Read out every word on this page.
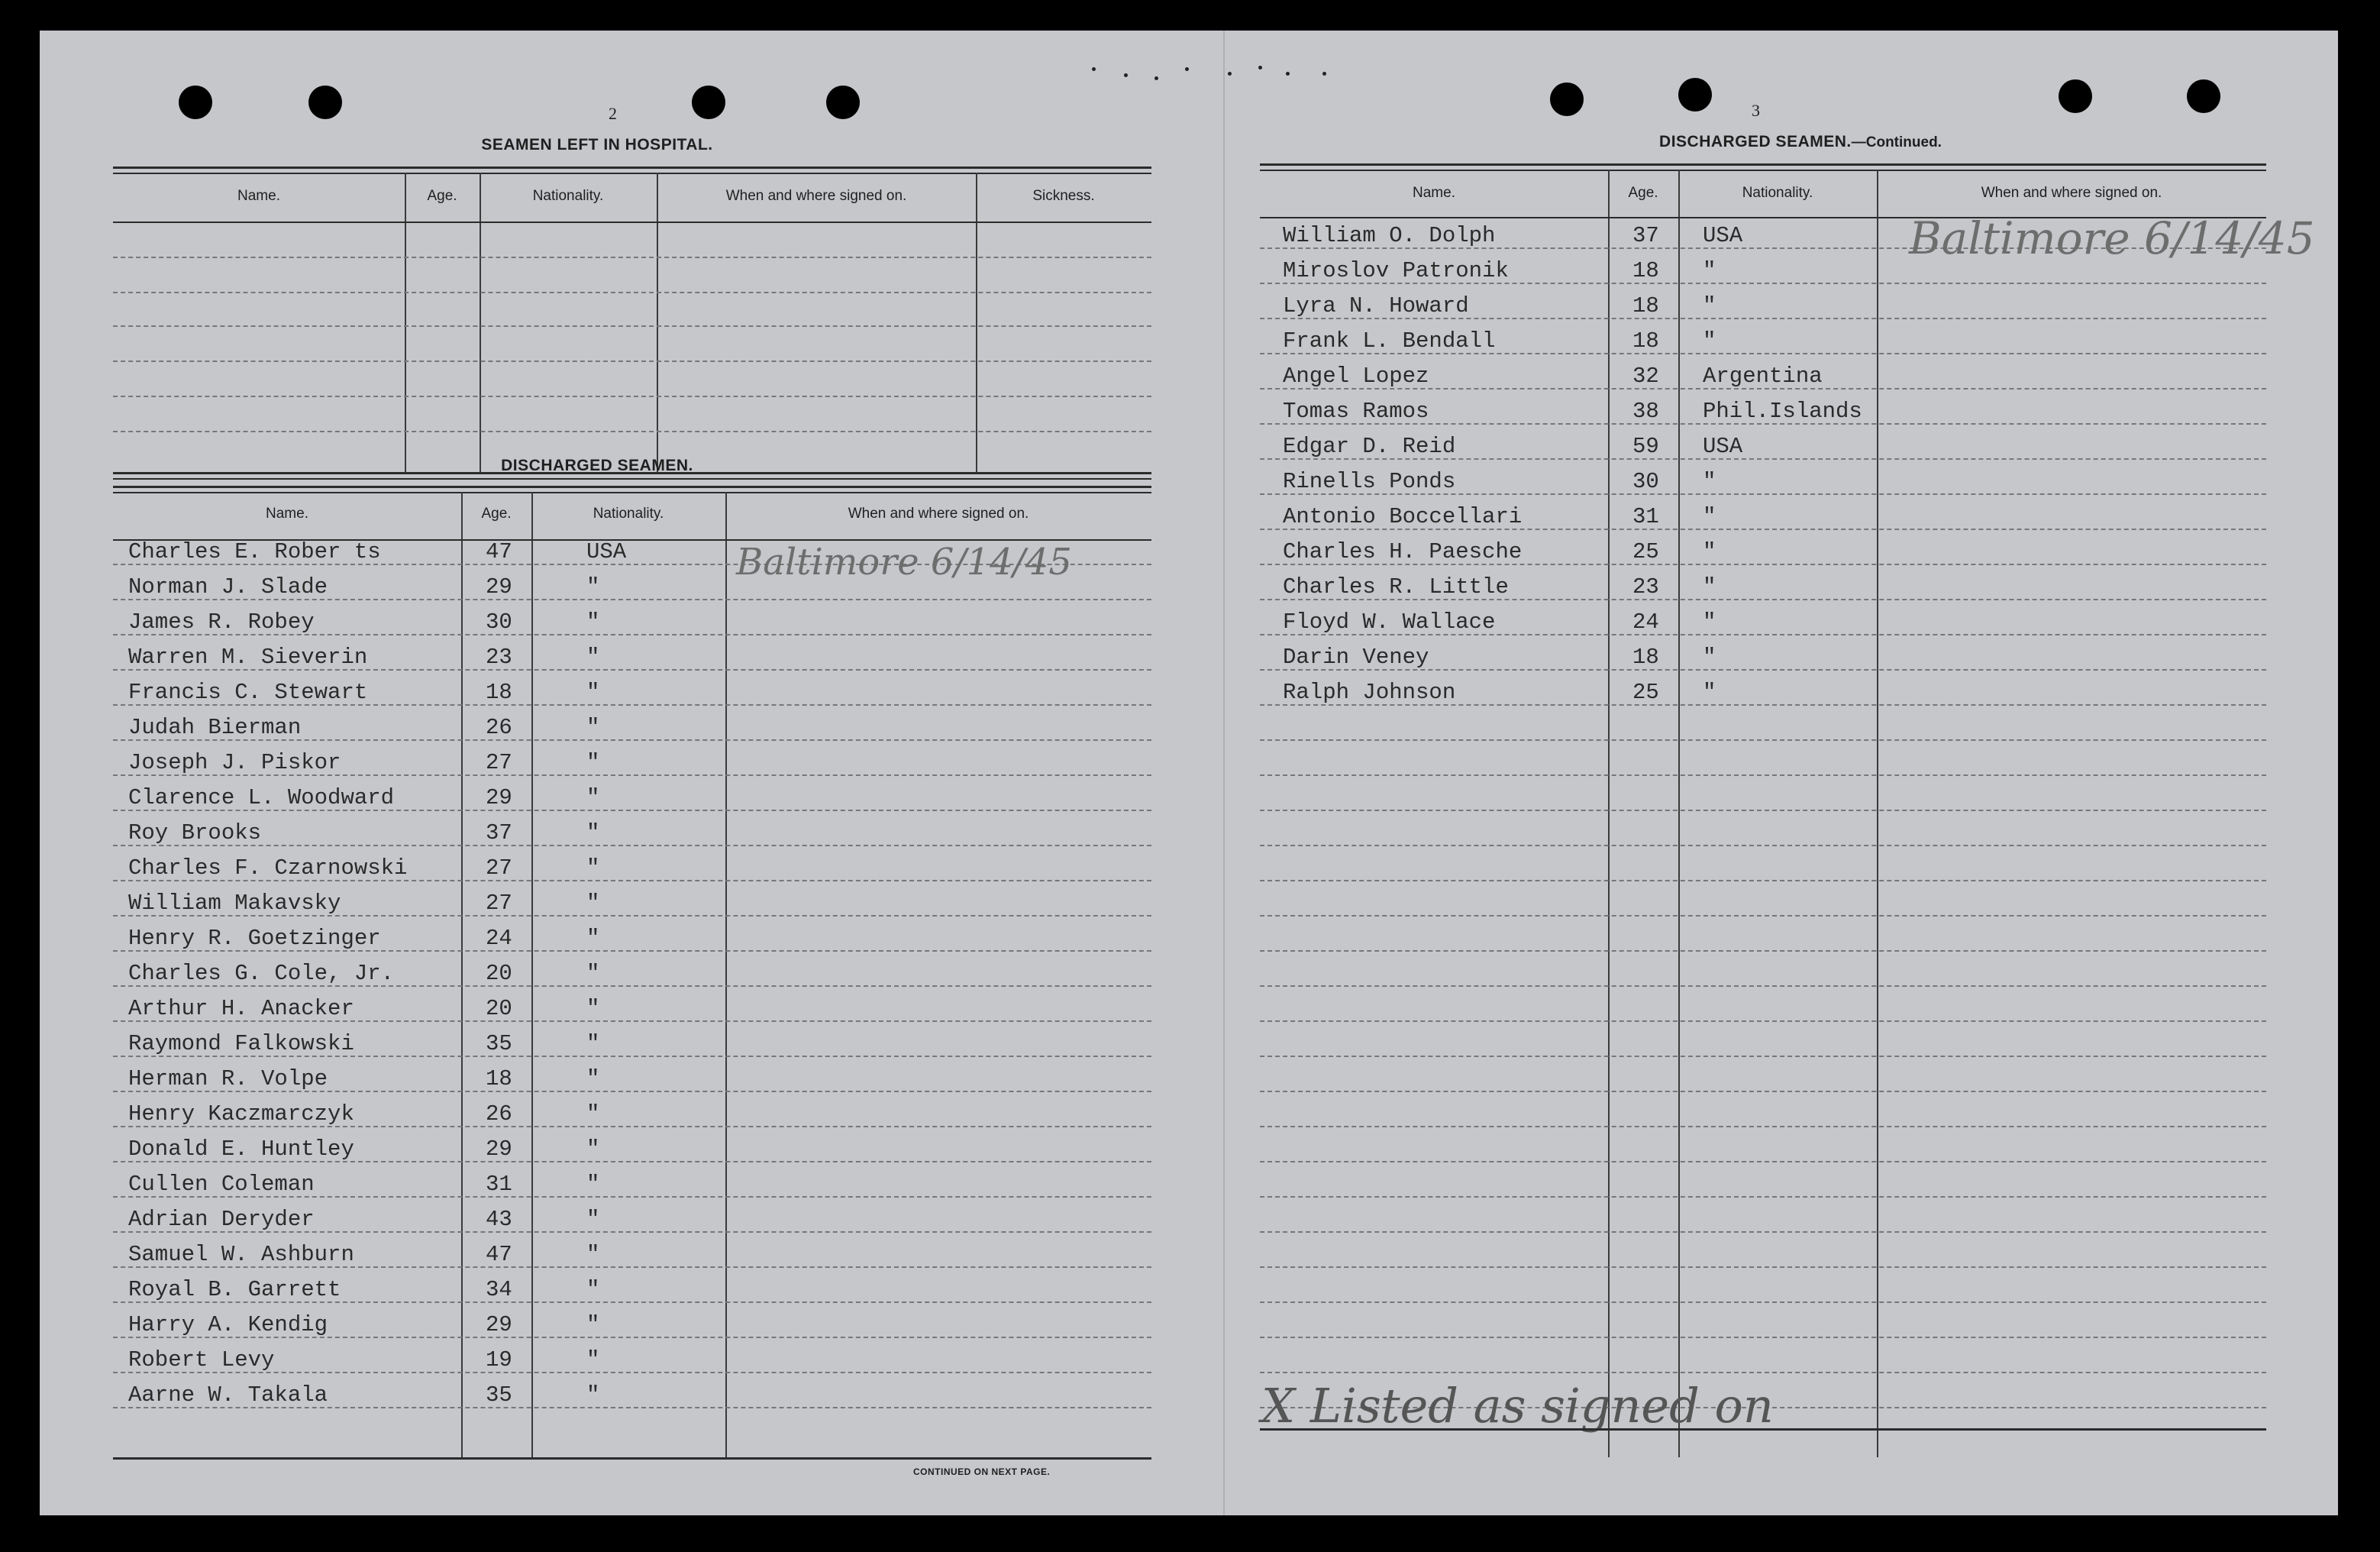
2
SEAMEN LEFT IN HOSPITAL.
Name.	Age.	Nationality.	When and where signed on.	Sickness.
DISCHARGED SEAMEN.
Name.	Age.	Nationality.	When and where signed on.
Charles E. Rober ts	47	USA
Norman J. Slade	29	"
James R. Robey	30	"
Warren M. Sieverin	23	"
Francis C. Stewart	18	"
Judah Bierman	26	"
Joseph J. Piskor	27	"
Clarence L. Woodward	29	"
Roy Brooks	37	"
Charles F. Czarnowski	27	"
William Makavsky	27	"
Henry R. Goetzinger	24	"
Charles G. Cole, Jr.	20	"
Arthur H. Anacker	20	"
Raymond Falkowski	35	"
Herman R. Volpe	18	"
Henry Kaczmarczyk	26	"
Donald E. Huntley	29	"
Cullen Coleman	31	"
Adrian Deryder	43	"
Samuel W. Ashburn	47	"
Royal B. Garrett	34	"
Harry A. Kendig	29	"
Robert Levy	19	"
Aarne W. Takala	35	"
Baltimore 6/14/45
CONTINUED ON NEXT PAGE.
3
DISCHARGED SEAMEN.—Continued.
Name.	Age.	Nationality.	When and where signed on.
William O. Dolph	37 USA
Miroslov Patronik	18 "
Lyra N. Howard	18 "
Frank L. Bendall	18 "
Angel Lopez	32 Argentina
Tomas Ramos	38 Phil.Islands
Edgar D. Reid	59 USA
Rinells Ponds	30 "
Antonio Boccellari	31 "
Charles H. Paesche	25 "
Charles R. Little	23 "
Floyd W. Wallace	24 "
Darin Veney	18 "
Ralph Johnson	25 "
Baltimore 6/14/45
X Listed as signed on
